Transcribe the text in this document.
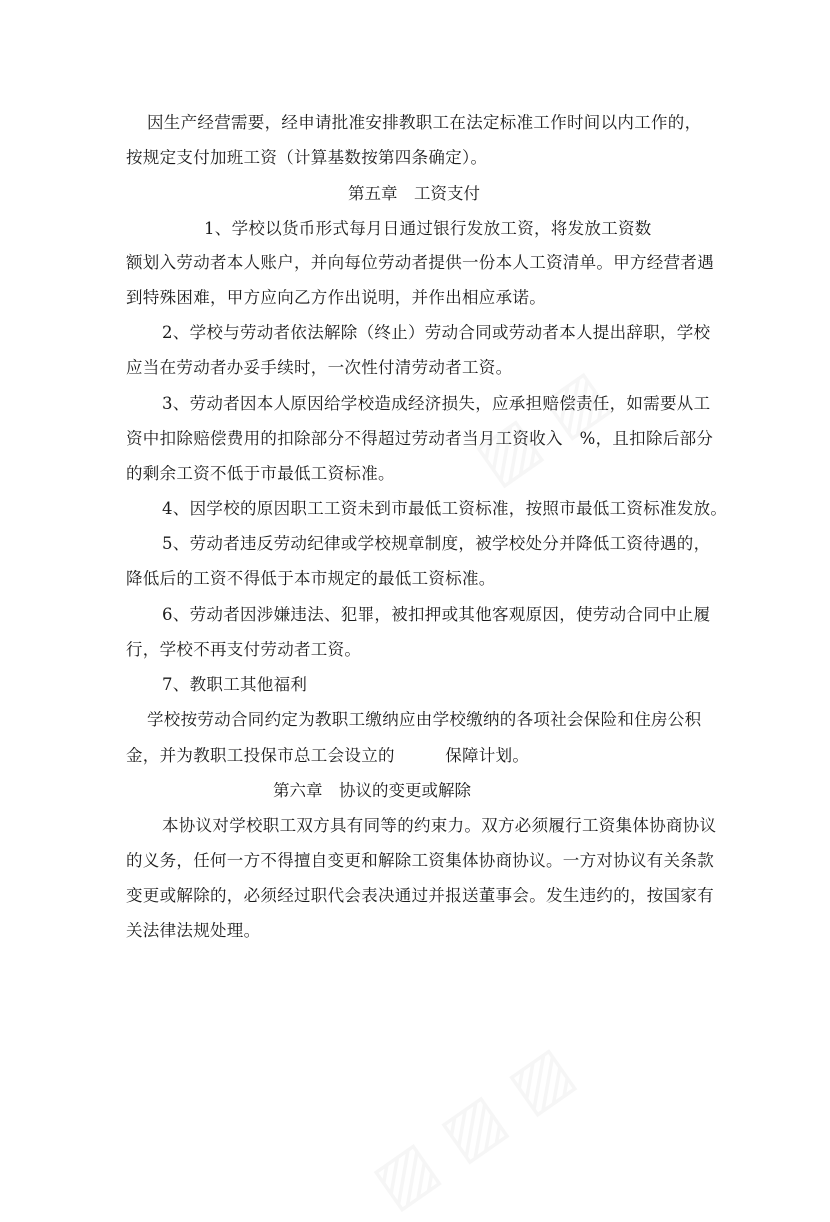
因生产经营需要，经申请批准安排教职工在法定标准工作时间以内工作的，
按规定支付加班工资（计算基数按第四条确定）。
第五章　工资支付
1、学校以货币形式每月日通过银行发放工资，将发放工资数
额划入劳动者本人账户，并向每位劳动者提供一份本人工资清单。甲方经营者遇
到特殊困难，甲方应向乙方作出说明，并作出相应承诺。
2、学校与劳动者依法解除（终止）劳动合同或劳动者本人提出辞职，学校
应当在劳动者办妥手续时，一次性付清劳动者工资。
3、劳动者因本人原因给学校造成经济损失，应承担赔偿责任，如需要从工
资中扣除赔偿费用的扣除部分不得超过劳动者当月工资收入　%，且扣除后部分
的剩余工资不低于市最低工资标准。
4、因学校的原因职工工资未到市最低工资标准，按照市最低工资标准发放。
5、劳动者违反劳动纪律或学校规章制度，被学校处分并降低工资待遇的，
降低后的工资不得低于本市规定的最低工资标准。
6、劳动者因涉嫌违法、犯罪，被扣押或其他客观原因，使劳动合同中止履
行，学校不再支付劳动者工资。
7、教职工其他福利
学校按劳动合同约定为教职工缴纳应由学校缴纳的各项社会保险和住房公积
金，并为教职工投保市总工会设立的　　　保障计划。
第六章　协议的变更或解除
本协议对学校职工双方具有同等的约束力。双方必须履行工资集体协商协议
的义务，任何一方不得擅自变更和解除工资集体协商协议。一方对协议有关条款
变更或解除的，必须经过职代会表决通过并报送董事会。发生违约的，按国家有
关法律法规处理。
